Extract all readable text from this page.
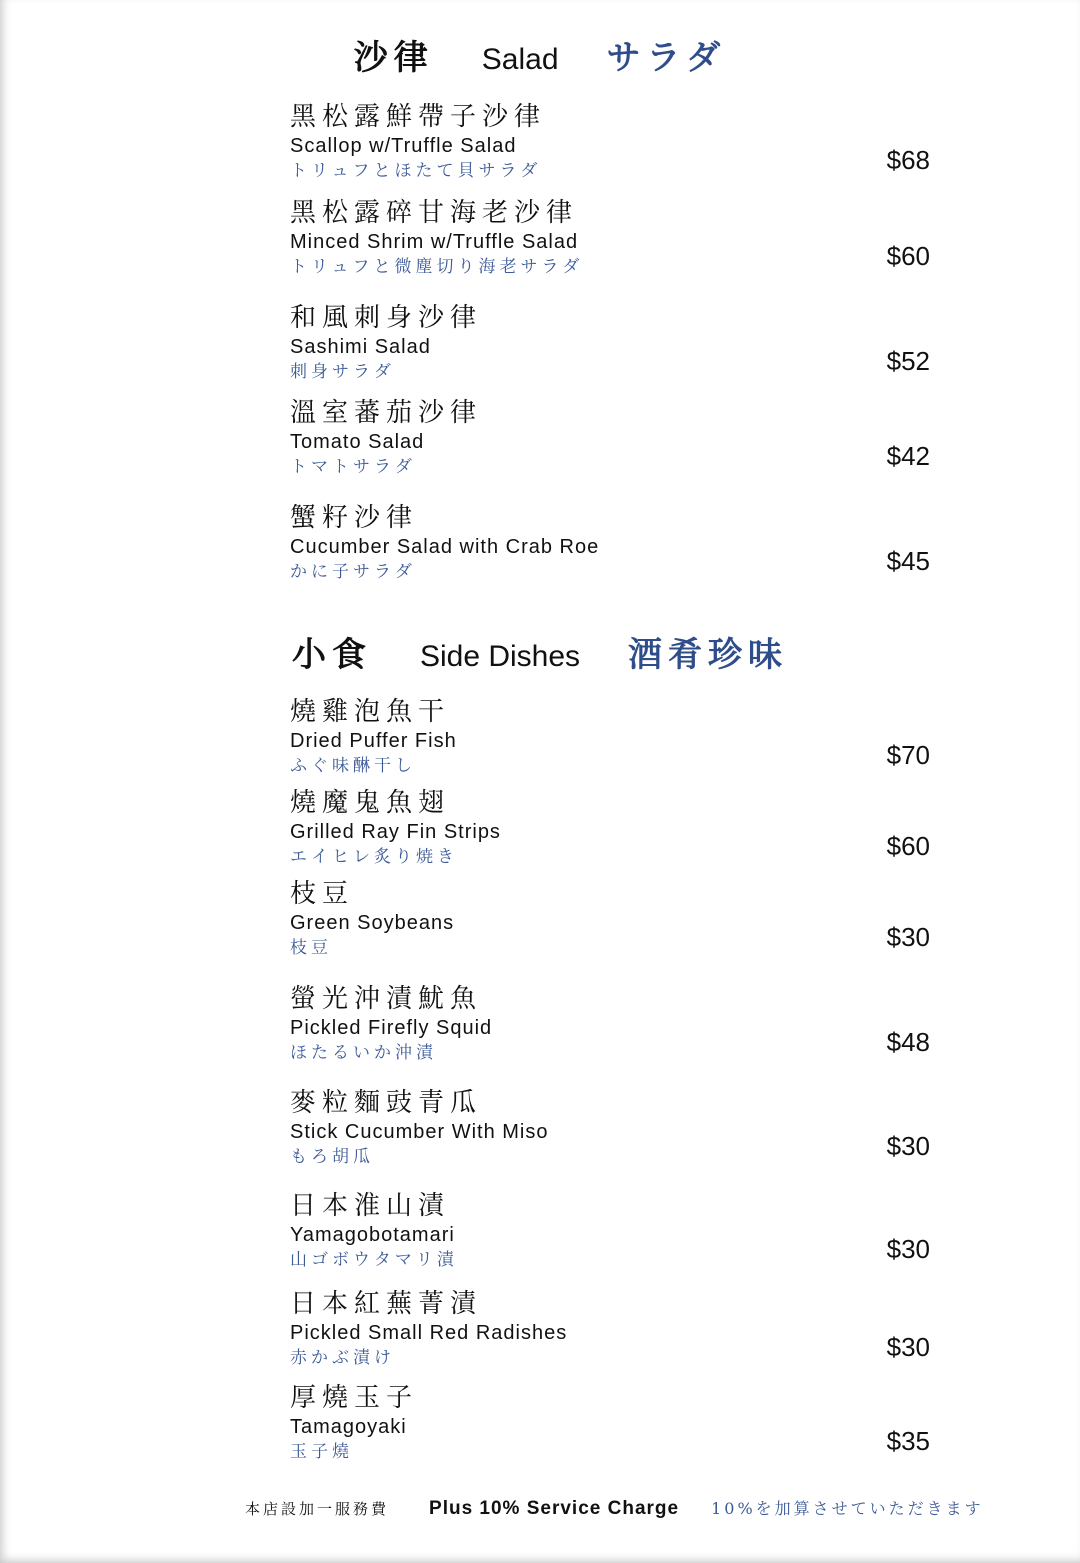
沙律 Salad サラダ
黑松露鮮帶子沙律
Scallop w/Truffle Salad
トリュフとほたて貝サラダ	$68
黑松露碎甘海老沙律
Minced Shrim w/Truffle Salad
トリュフと微塵切り海老サラダ	$60
和風刺身沙律
Sashimi Salad
刺身サラダ	$52
溫室蕃茄沙律
Tomato Salad
トマトサラダ	$42
蟹籽沙律
Cucumber Salad with Crab Roe
かに子サラダ	$45
小食 Side Dishes 酒肴珍味
燒雞泡魚干
Dried Puffer Fish
ふぐ味醂干し	$70
燒魔鬼魚翅
Grilled Ray Fin Strips
エイヒレ炙り焼き	$60
枝豆
Green Soybeans
枝豆	$30
螢光沖漬魷魚
Pickled Firefly Squid
ほたるいか沖漬	$48
麥粒麵豉青瓜
Stick Cucumber With Miso
もろ胡瓜	$30
日本淮山漬
Yamagobotamari
山ゴボウタマリ漬	$30
日本紅蕪菁漬
Pickled Small Red Radishes
赤かぶ漬け	$30
厚燒玉子
Tamagoyaki
玉子燒	$35
本店設加一服務費 Plus 10% Service Charge 10%を加算させていただきます
